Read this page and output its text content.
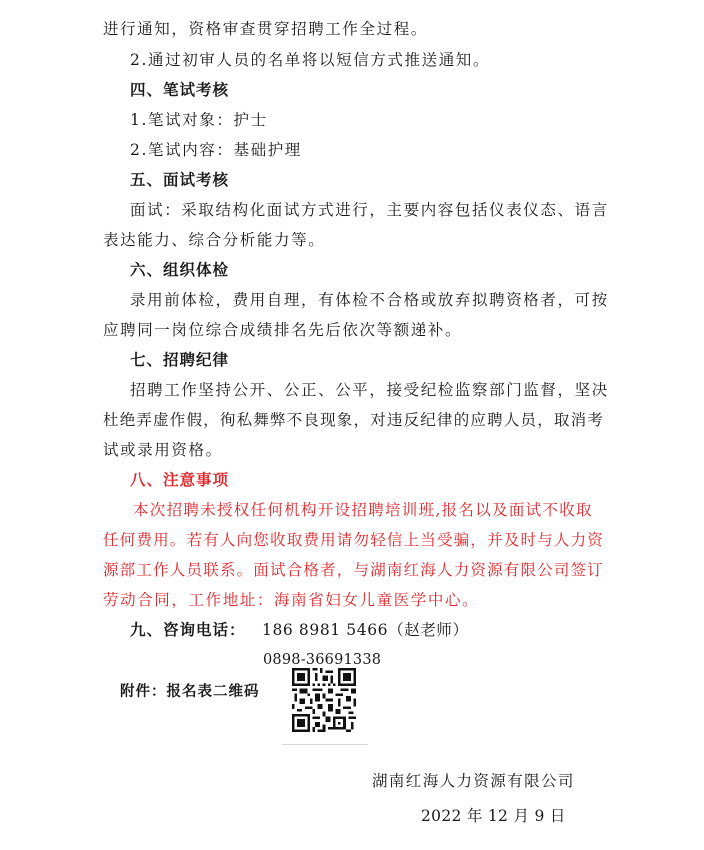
进行通知，资格审查贯穿招聘工作全过程。
2.通过初审人员的名单将以短信方式推送通知。
四、笔试考核
1.笔试对象：护士
2.笔试内容：基础护理
五、面试考核
面试：采取结构化面试方式进行，主要内容包括仪表仪态、语言
表达能力、综合分析能力等。
六、组织体检
录用前体检，费用自理，有体检不合格或放弃拟聘资格者，可按
应聘同一岗位综合成绩排名先后依次等额递补。
七、招聘纪律
招聘工作坚持公开、公正、公平，接受纪检监察部门监督，坚决
杜绝弄虚作假，徇私舞弊不良现象，对违反纪律的应聘人员，取消考
试或录用资格。
八、注意事项
本次招聘未授权任何机构开设招聘培训班,报名以及面试不收取
任何费用。若有人向您收取费用请勿轻信上当受骗，并及时与人力资
源部工作人员联系。面试合格者，与湖南红海人力资源有限公司签订
劳动合同，工作地址：海南省妇女儿童医学中心。
九、咨询电话： 186 8981 5466（赵老师）
0898-36691338
附件：报名表二维码
湖南红海人力资源有限公司
2022 年 12 月 9 日
